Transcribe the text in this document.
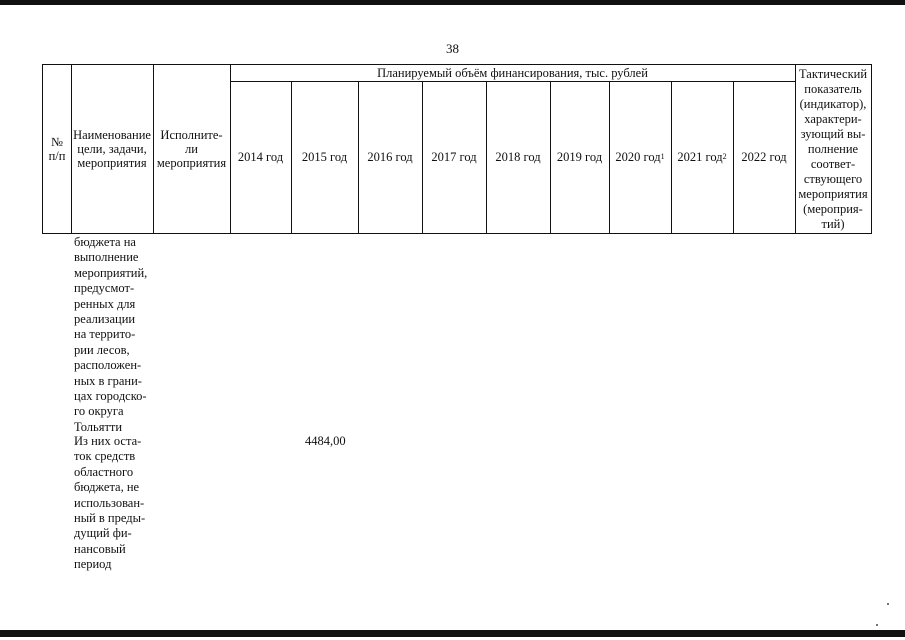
38
№
п/п
Наименование
цели, задачи,
мероприятия
Исполните-
ли
мероприятия
Планируемый объём финансирования, тыс. рублей
2014 год 2015 год 2016 год 2017 год 2018 год 2019 год 2020 год 1 2021 год 2 2022 год
Тактический
показатель
(индикатор),
характери-
зующий вы-
полнение
соответ-
ствующего
мероприятия
(мероприя-
тий)
бюджета на
выполнение
мероприятий,
предусмот-
ренных для
реализации
на террито-
рии лесов,
расположен-
ных в грани-
цах городско-
го округа
Тольятти
Из них оста-
ток средств
областного
бюджета, не
использован-
ный в преды-
дущий фи-
нансовый
период
4484,00
